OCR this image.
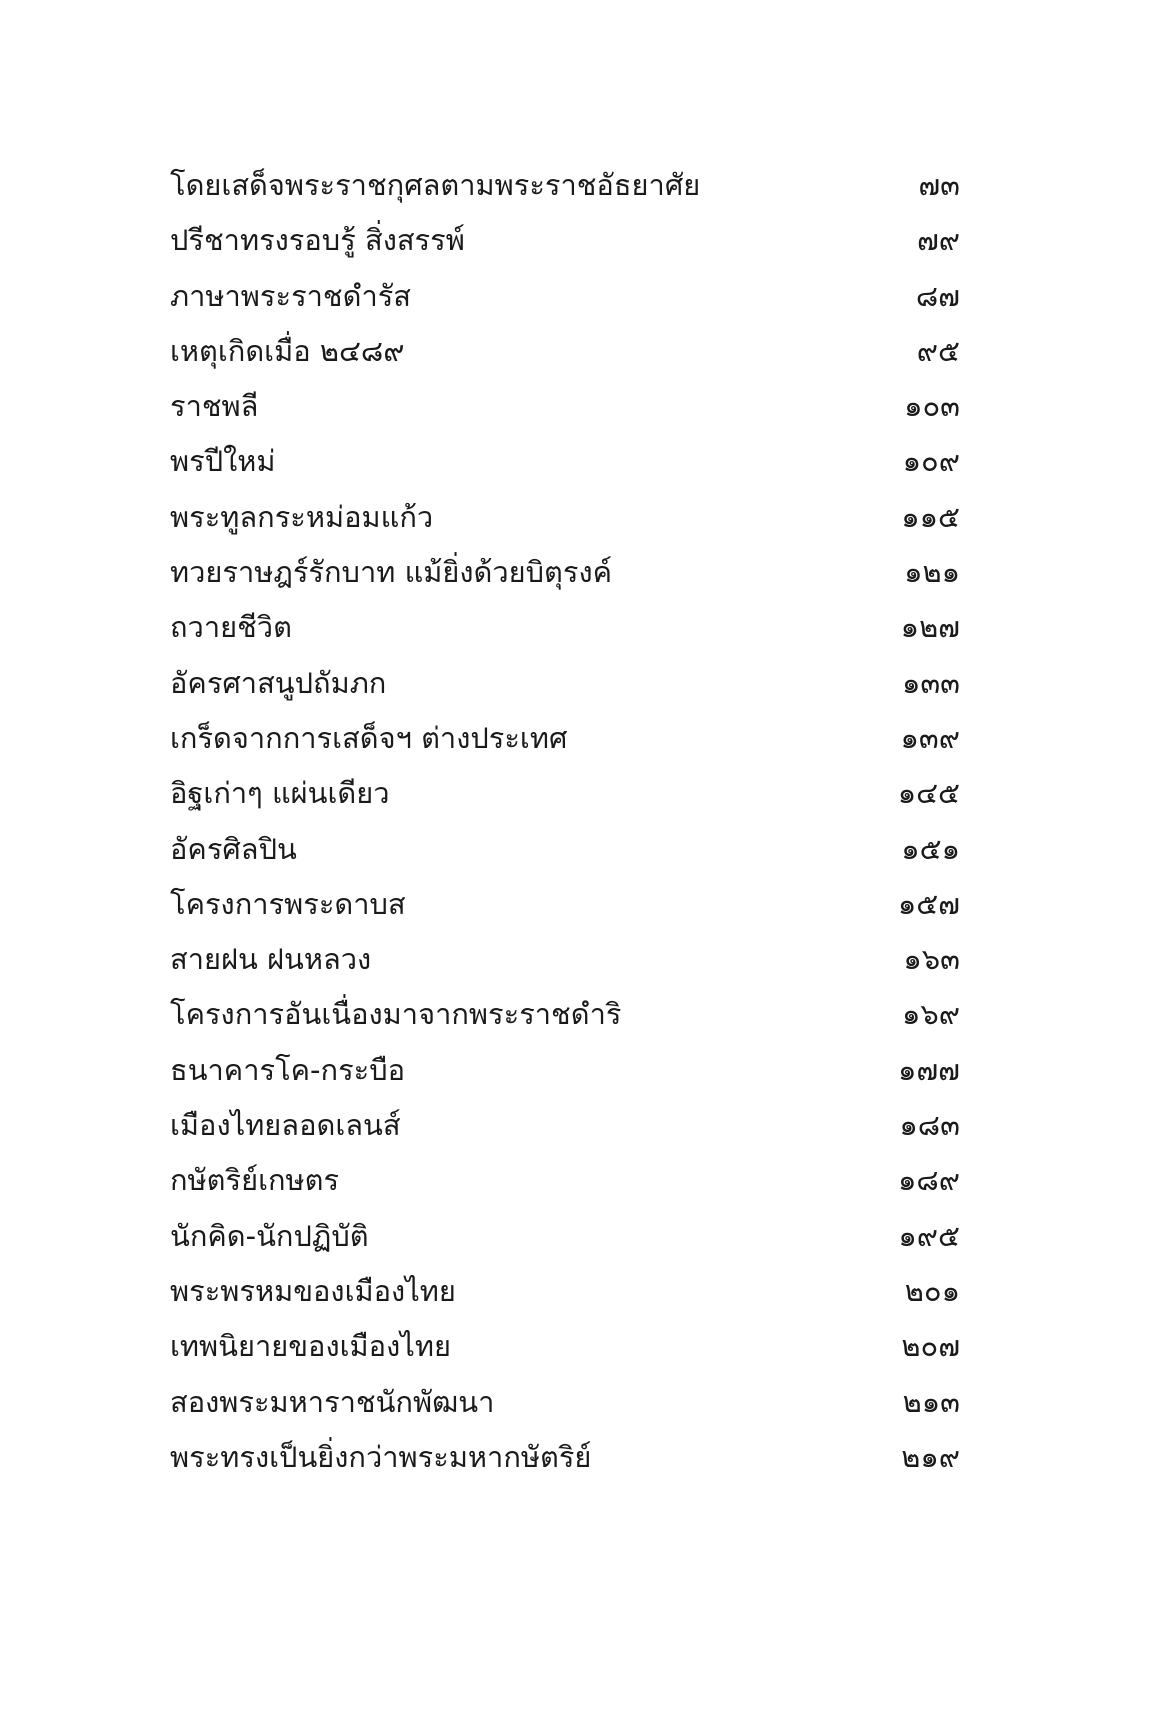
โดยเสด็จพระราชกุศลตามพระราชอัธยาศัย	๗๓
ปรีชาทรงรอบรู้ สิ่งสรรพ์	๗๙
ภาษาพระราชดำรัส	๘๗
เหตุเกิดเมื่อ ๒๔๘๙	๙๕
ราชพลี	๑๐๓
พรปีใหม่	๑๐๙
พระทูลกระหม่อมแก้ว	๑๑๕
ทวยราษฎร์รักบาท แม้ยิ่งด้วยบิตุรงค์	๑๒๑
ถวายชีวิต	๑๒๗
อัครศาสนูปถัมภก	๑๓๓
เกร็ดจากการเสด็จฯ ต่างประเทศ	๑๓๙
อิฐเก่าๆ แผ่นเดียว	๑๔๕
อัครศิลปิน	๑๕๑
โครงการพระดาบส	๑๕๗
สายฝน ฝนหลวง	๑๖๓
โครงการอันเนื่องมาจากพระราชดำริ	๑๖๙
ธนาคารโค-กระบือ	๑๗๗
เมืองไทยลอดเลนส์	๑๘๓
กษัตริย์เกษตร	๑๘๙
นักคิด-นักปฏิบัติ	๑๙๕
พระพรหมของเมืองไทย	๒๐๑
เทพนิยายของเมืองไทย	๒๐๗
สองพระมหาราชนักพัฒนา	๒๑๓
พระทรงเป็นยิ่งกว่าพระมหากษัตริย์	๒๑๙
